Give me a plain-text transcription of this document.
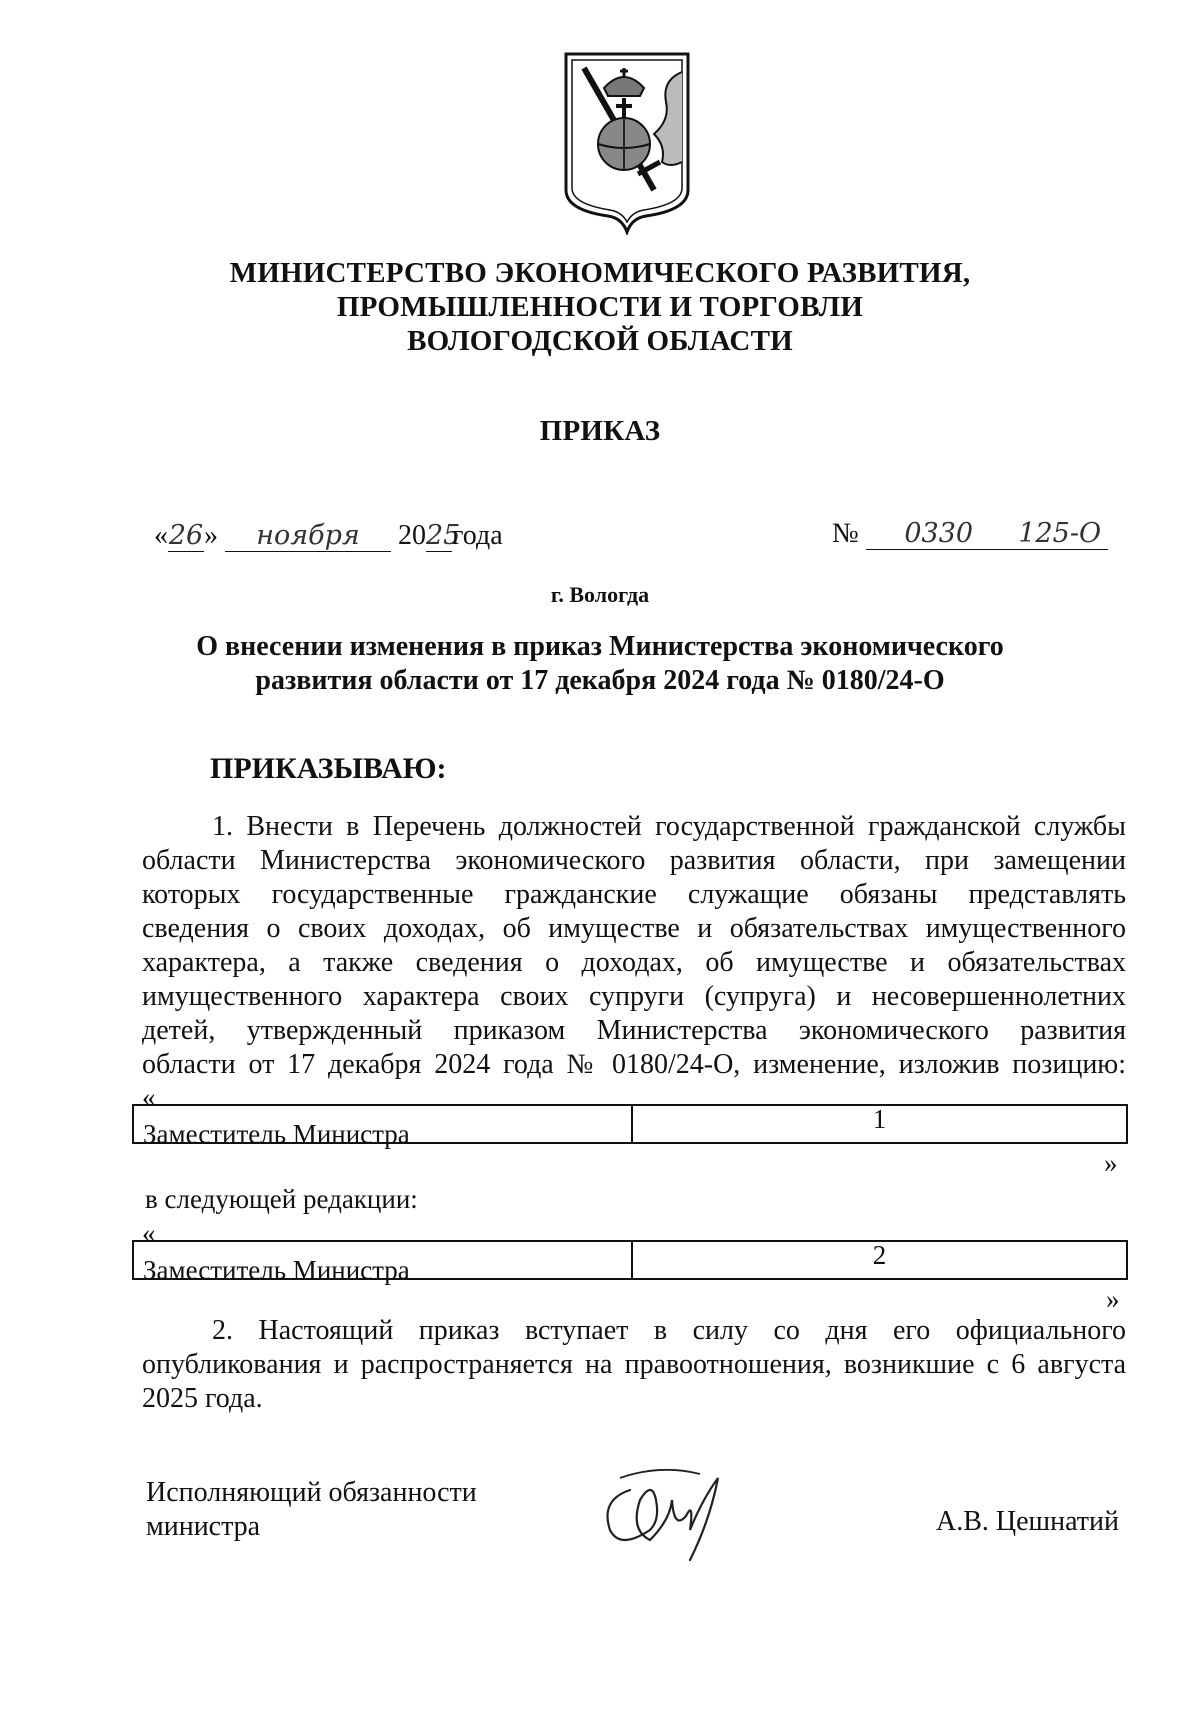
МИНИСТЕРСТВО ЭКОНОМИЧЕСКОГО РАЗВИТИЯ,
ПРОМЫШЛЕННОСТИ И ТОРГОВЛИ
ВОЛОГОДСКОЙ ОБЛАСТИ
ПРИКАЗ
«26» ноября 2025года	№ 0330 125-О
г. Вологда
О внесении изменения в приказ Министерства экономического
развития области от 17 декабря 2024 года № 0180/24-О
ПРИКАЗЫВАЮ:
1. Внести в Перечень должностей государственной гражданской службы
области Министерства экономического развития области, при замещении
которых государственные гражданские служащие обязаны представлять
сведения о своих доходах, об имуществе и обязательствах имущественного
характера, а также сведения о доходах, об имуществе и обязательствах
имущественного характера своих супруги (супруга) и несовершеннолетних
детей, утвержденный приказом Министерства экономического развития
области от 17 декабря 2024 года № 0180/24-О, изменение, изложив позицию:
«
Заместитель Министра	1
»
в следующей редакции:
«
Заместитель Министра	2
»
2. Настоящий приказ вступает в силу со дня его официального
опубликования и распространяется на правоотношения, возникшие с 6 августа
2025 года.
Исполняющий обязанности
министра	А.В. Цешнатий
